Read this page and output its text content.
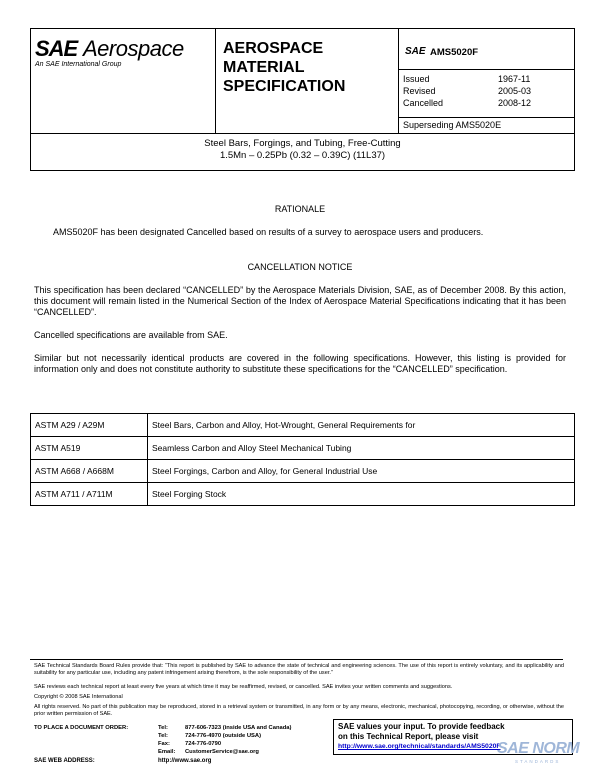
SAE Aerospace
An SAE International Group
AEROSPACE
MATERIAL
SPECIFICATION
SAE AMS5020F
Issued	1967-11
Revised	2005-03
Cancelled	2008-12
Superseding AMS5020E
Steel Bars, Forgings, and Tubing, Free-Cutting
1.5Mn – 0.25Pb (0.32 – 0.39C) (11L37)
RATIONALE
AMS5020F has been designated Cancelled based on results of a survey to aerospace users and producers.
CANCELLATION NOTICE
This specification has been declared “CANCELLED” by the Aerospace Materials Division, SAE, as of December 2008. By this action, this document will remain listed in the Numerical Section of the Index of Aerospace Material Specifications indicating that it has been “CANCELLED”.
Cancelled specifications are available from SAE.
Similar but not necessarily identical products are covered in the following specifications. However, this listing is provided for information only and does not constitute authority to substitute these specifications for the “CANCELLED” specification.
ASTM A29 / A29M	Steel Bars, Carbon and Alloy, Hot-Wrought, General Requirements for
ASTM A519	Seamless Carbon and Alloy Steel Mechanical Tubing
ASTM A668 / A668M	Steel Forgings, Carbon and Alloy, for General Industrial Use
ASTM A711 / A711M	Steel Forging Stock
SAE Technical Standards Board Rules provide that: “This report is published by SAE to advance the state of technical and engineering sciences. The use of this report is entirely voluntary, and its applicability and suitability for any particular use, including any patent infringement arising therefrom, is the sole responsibility of the user.”
SAE reviews each technical report at least every five years at which time it may be reaffirmed, revised, or cancelled. SAE invites your written comments and suggestions.
Copyright © 2008 SAE International
All rights reserved. No part of this publication may be reproduced, stored in a retrieval system or transmitted, in any form or by any means, electronic, mechanical, photocopying, recording, or otherwise, without the prior written permission of SAE.
TO PLACE A DOCUMENT ORDER:	Tel:	877-606-7323 (inside USA and Canada)
Tel:	724-776-4970 (outside USA)
Fax:	724-776-0790
Email: CustomerService@sae.org
SAE WEB ADDRESS:	http://www.sae.org
SAE values your input. To provide feedback
on this Technical Report, please visit
http://www.sae.org/technical/standards/AMS5020F
SAE NORM
STANDARDS
